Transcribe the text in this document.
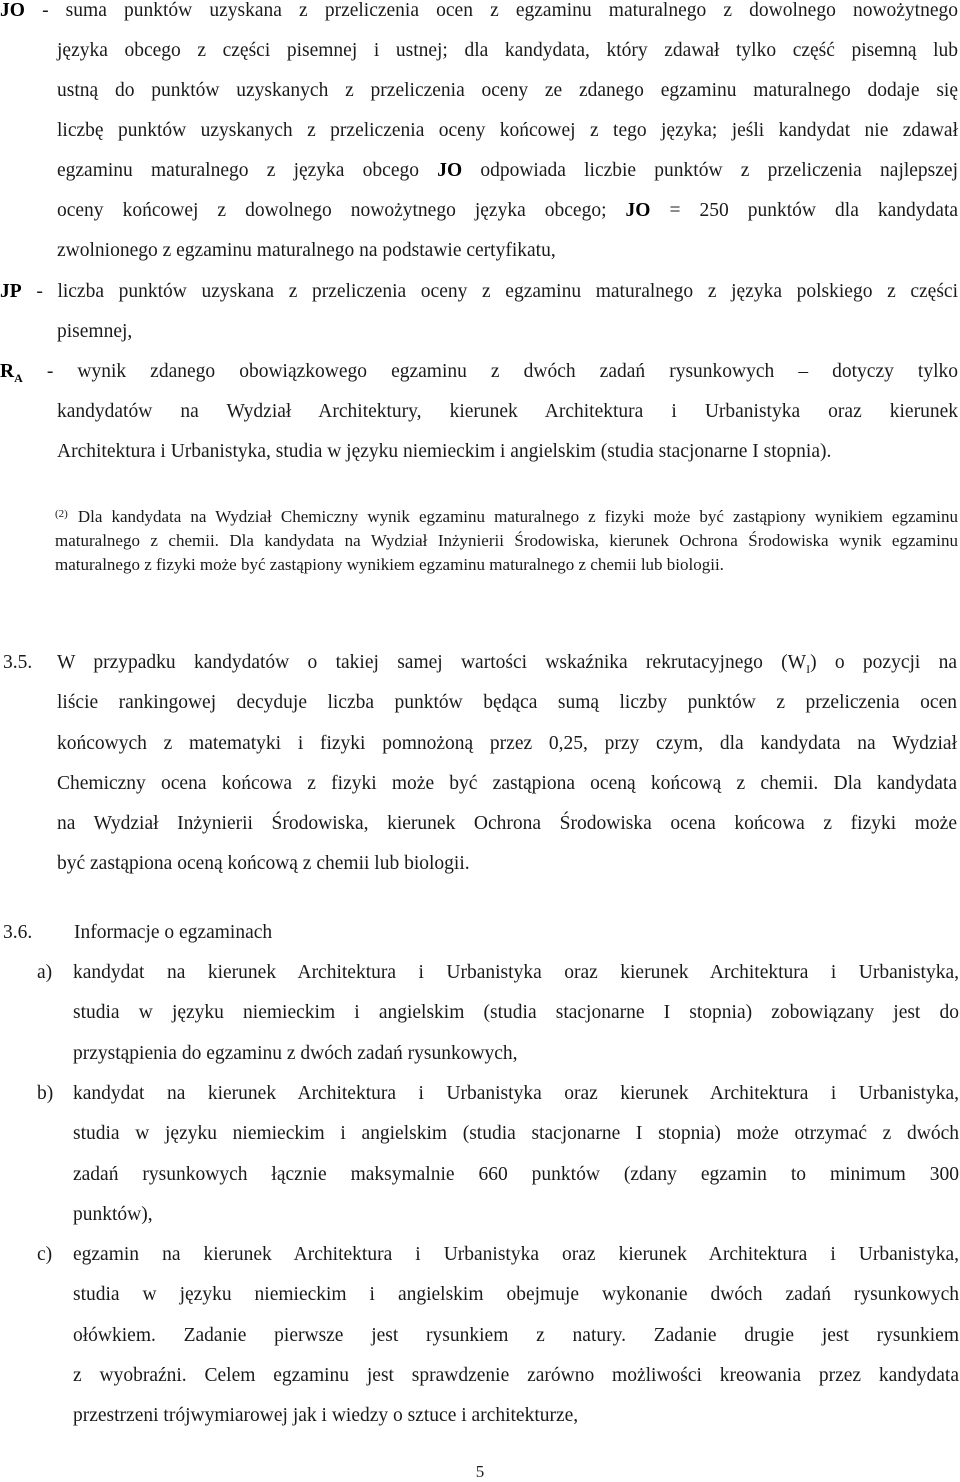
JO - suma punktów uzyskana z przeliczenia ocen z egzaminu maturalnego z dowolnego nowożytnego
języka obcego z części pisemnej i ustnej; dla kandydata, który zdawał tylko część pisemną lub
ustną do punktów uzyskanych z przeliczenia oceny ze zdanego egzaminu maturalnego dodaje się
liczbę punktów uzyskanych z przeliczenia oceny końcowej z tego języka; jeśli kandydat nie zdawał
egzaminu maturalnego z języka obcego JO odpowiada liczbie punktów z przeliczenia najlepszej
oceny końcowej z dowolnego nowożytnego języka obcego; JO = 250 punktów dla kandydata
zwolnionego z egzaminu maturalnego na podstawie certyfikatu,
JP - liczba punktów uzyskana z przeliczenia oceny z egzaminu maturalnego z języka polskiego z części
pisemnej,
$R_A$ - wynik zdanego obowiązkowego egzaminu z dwóch zadań rysunkowych – dotyczy tylko
kandydatów na Wydział Architektury, kierunek Architektura i Urbanistyka oraz kierunek
Architektura i Urbanistyka, studia w języku niemieckim i angielskim (studia stacjonarne I stopnia).
$^{(2)}$ Dla kandydata na Wydział Chemiczny wynik egzaminu maturalnego z fizyki może być zastąpiony wynikiem egzaminu maturalnego z chemii. Dla kandydata na Wydział Inżynierii Środowiska, kierunek Ochrona Środowiska wynik egzaminu maturalnego z fizyki może być zastąpiony wynikiem egzaminu maturalnego z chemii lub biologii.
3.5. W przypadku kandydatów o takiej samej wartości wskaźnika rekrutacyjnego $(W_I)$ o pozycji na
liście rankingowej decyduje liczba punktów będąca sumą liczby punktów z przeliczenia ocen
końcowych z matematyki i fizyki pomnożoną przez 0,25, przy czym, dla kandydata na Wydział
Chemiczny ocena końcowa z fizyki może być zastąpiona oceną końcową z chemii. Dla kandydata
na Wydział Inżynierii Środowiska, kierunek Ochrona Środowiska ocena końcowa z fizyki może
być zastąpiona oceną końcową z chemii lub biologii.
3.6. Informacje o egzaminach
a) kandydat na kierunek Architektura i Urbanistyka oraz kierunek Architektura i Urbanistyka,
studia w języku niemieckim i angielskim (studia stacjonarne I stopnia) zobowiązany jest do
przystąpienia do egzaminu z dwóch zadań rysunkowych,
b) kandydat na kierunek Architektura i Urbanistyka oraz kierunek Architektura i Urbanistyka,
studia w języku niemieckim i angielskim (studia stacjonarne I stopnia) może otrzymać z dwóch
zadań rysunkowych łącznie maksymalnie 660 punktów (zdany egzamin to minimum 300
punktów),
c) egzamin na kierunek Architektura i Urbanistyka oraz kierunek Architektura i Urbanistyka,
studia w języku niemieckim i angielskim obejmuje wykonanie dwóch zadań rysunkowych
ołówkiem. Zadanie pierwsze jest rysunkiem z natury. Zadanie drugie jest rysunkiem
z wyobraźni. Celem egzaminu jest sprawdzenie zarówno możliwości kreowania przez kandydata
przestrzeni trójwymiarowej jak i wiedzy o sztuce i architekturze,
5
